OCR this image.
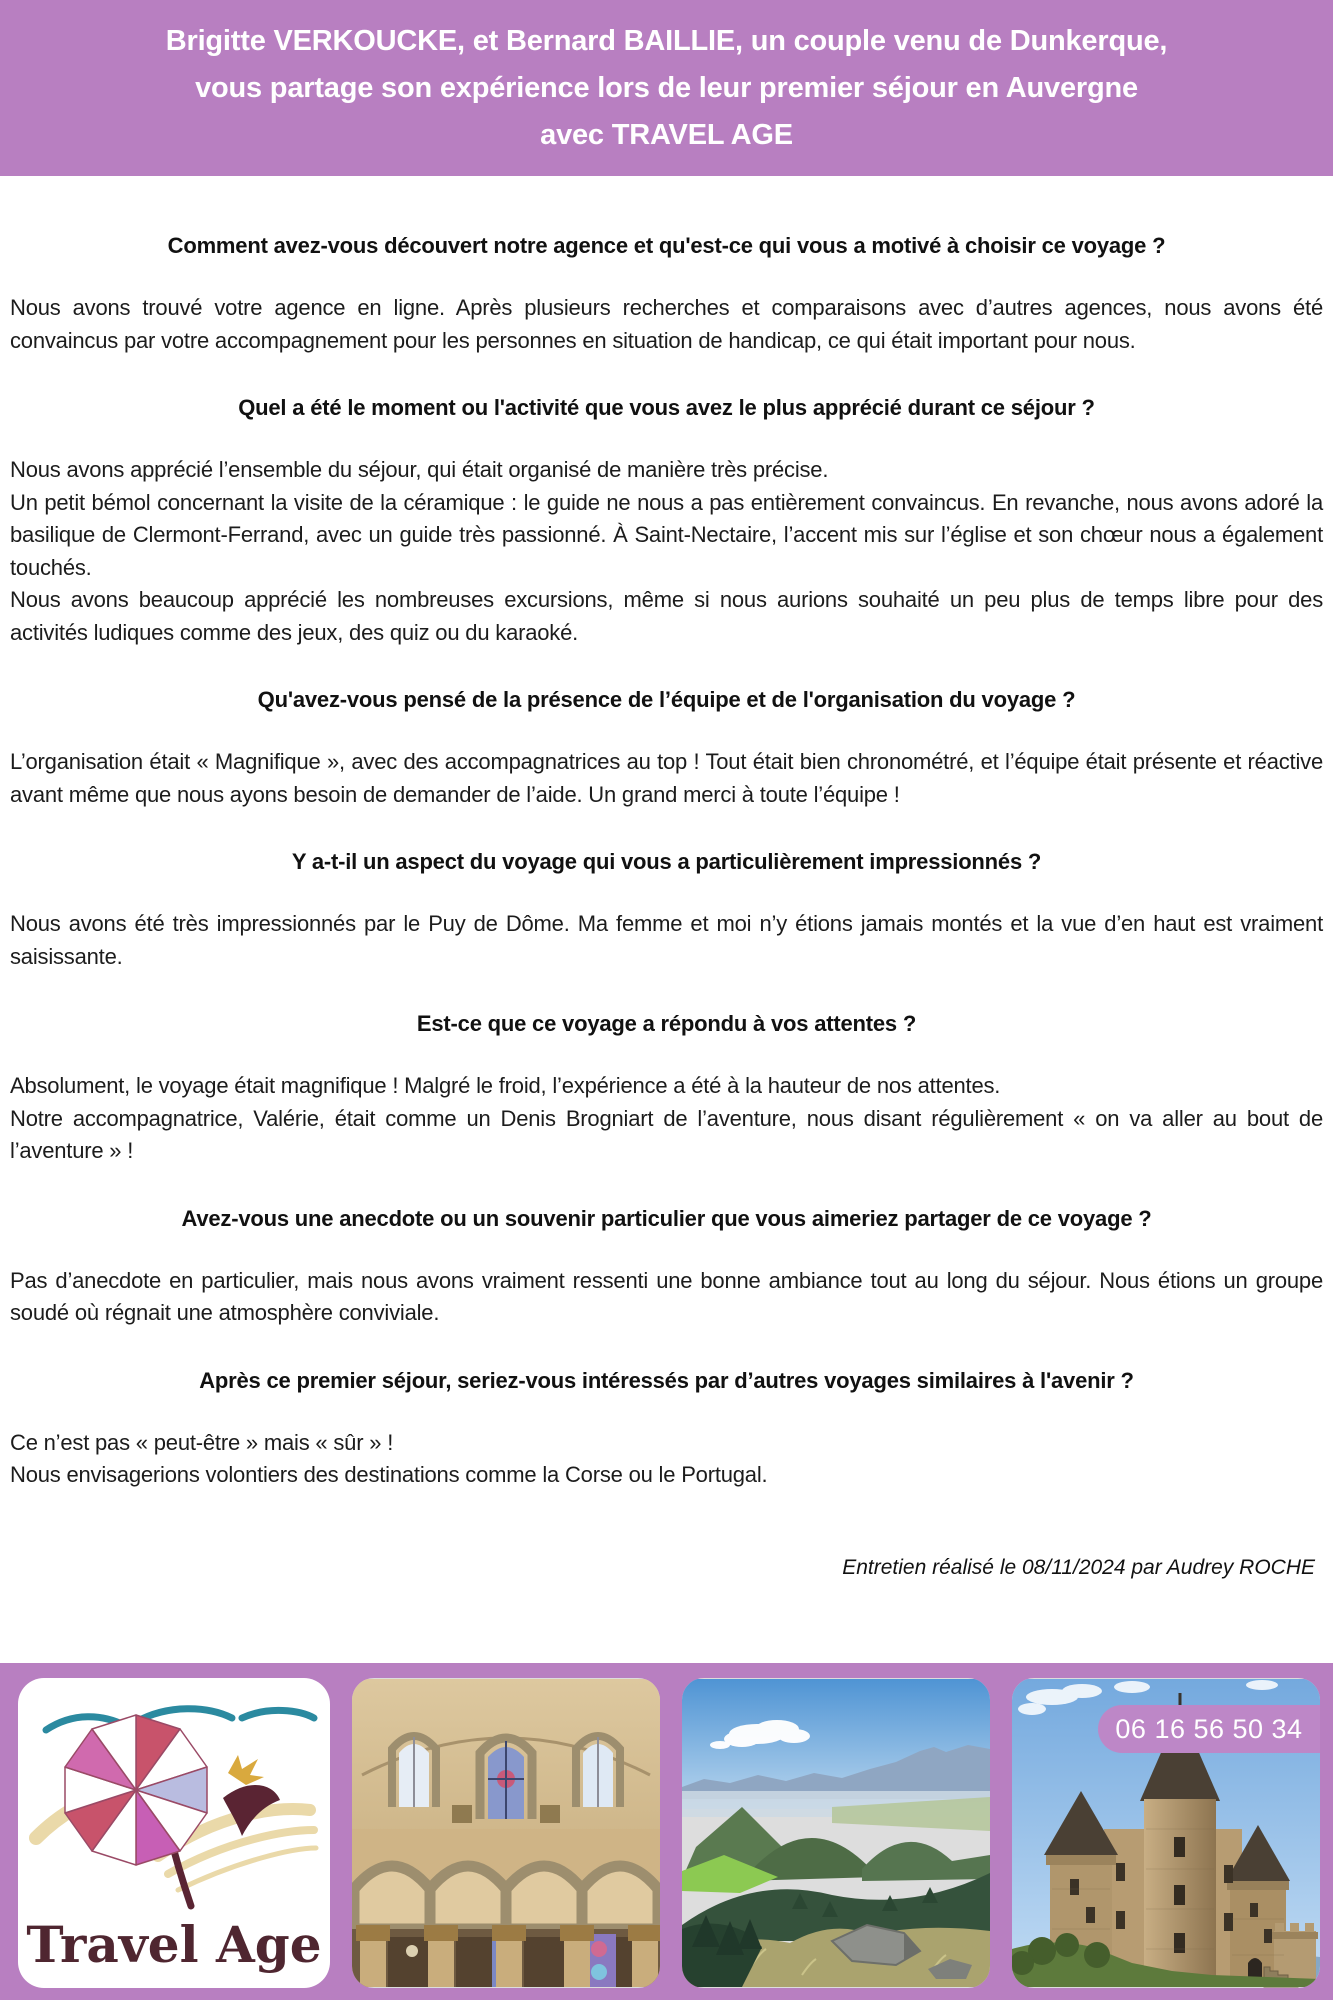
Brigitte VERKOUCKE, et Bernard BAILLIE, un couple venu de Dunkerque,
vous partage son expérience lors de leur premier séjour en Auvergne
avec TRAVEL AGE
Comment avez-vous découvert notre agence et qu'est-ce qui vous a motivé à choisir ce voyage ?

Nous avons trouvé votre agence en ligne. Après plusieurs recherches et comparaisons avec d’autres agences, nous avons été convaincus par votre accompagnement pour les personnes en situation de handicap, ce qui était important pour nous.

Quel a été le moment ou l'activité que vous avez le plus apprécié durant ce séjour ?

Nous avons apprécié l’ensemble du séjour, qui était organisé de manière très précise.

Un petit bémol concernant la visite de la céramique : le guide ne nous a pas entièrement convaincus. En revanche, nous avons adoré la basilique de Clermont-Ferrand, avec un guide très passionné. À Saint-Nectaire, l’accent mis sur l’église et son chœur nous a également touchés.

Nous avons beaucoup apprécié les nombreuses excursions, même si nous aurions souhaité un peu plus de temps libre pour des activités ludiques comme des jeux, des quiz ou du karaoké.

Qu'avez-vous pensé de la présence de l’équipe et de l'organisation du voyage ?

L’organisation était « Magnifique », avec des accompagnatrices au top ! Tout était bien chronométré, et l’équipe était présente et réactive avant même que nous ayons besoin de demander de l’aide. Un grand merci à toute l’équipe !

Y a-t-il un aspect du voyage qui vous a particulièrement impressionnés ?

Nous avons été très impressionnés par le Puy de Dôme. Ma femme et moi n’y étions jamais montés et la vue d’en haut est vraiment saisissante.

Est-ce que ce voyage a répondu à vos attentes ?

Absolument, le voyage était magnifique ! Malgré le froid, l’expérience a été à la hauteur de nos attentes.

Notre accompagnatrice, Valérie, était comme un Denis Brogniart de l’aventure, nous disant régulièrement « on va aller au bout de l’aventure » !

Avez-vous une anecdote ou un souvenir particulier que vous aimeriez partager de ce voyage ?

Pas d’anecdote en particulier, mais nous avons vraiment ressenti une bonne ambiance tout au long du séjour. Nous étions un groupe soudé où régnait une atmosphère conviviale.

Après ce premier séjour, seriez-vous intéressés par d’autres voyages similaires à l'avenir ?

Ce n’est pas « peut-être » mais « sûr » !

Nous envisagerions volontiers des destinations comme la Corse ou le Portugal.

Entretien réalisé le 08/11/2024 par Audrey ROCHE
Travel Age
06 16 56 50 34
